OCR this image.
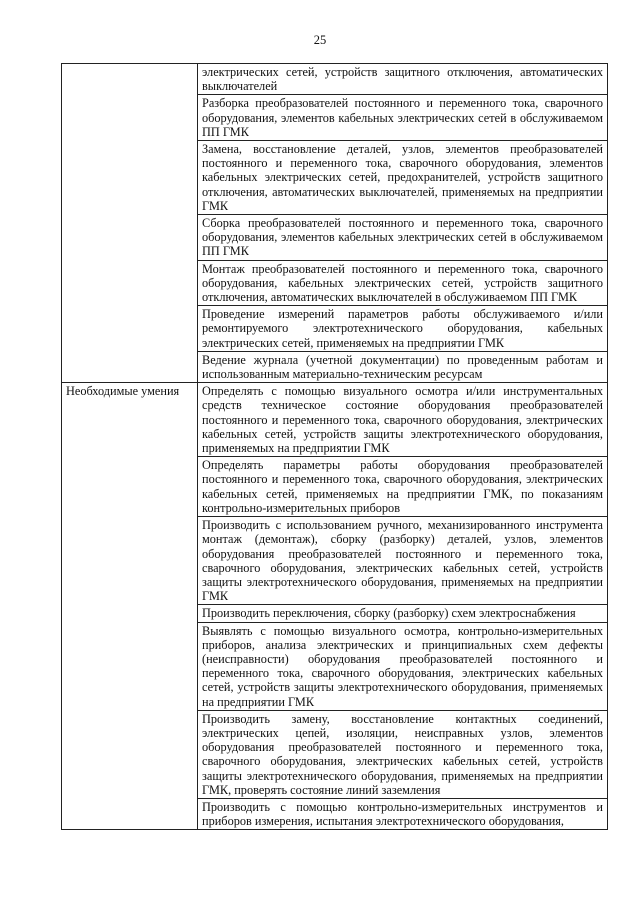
25
	электрических сетей, устройств защитного отключения, автоматических выключателей
	Разборка преобразователей постоянного и переменного тока, сварочного оборудования, элементов кабельных электрических сетей в обслуживаемом ПП ГМК
	Замена, восстановление деталей, узлов, элементов преобразователей постоянного и переменного тока, сварочного оборудования, элементов кабельных электрических сетей, предохранителей, устройств защитного отключения, автоматических выключателей, применяемых на предприятии ГМК
	Сборка преобразователей постоянного и переменного тока, сварочного оборудования, элементов кабельных электрических сетей в обслуживаемом ПП ГМК
	Монтаж преобразователей постоянного и переменного тока, сварочного оборудования, кабельных электрических сетей, устройств защитного отключения, автоматических выключателей в обслуживаемом ПП ГМК
	Проведение измерений параметров работы обслуживаемого и/или ремонтируемого электротехнического оборудования, кабельных электрических сетей, применяемых на предприятии ГМК
	Ведение журнала (учетной документации) по проведенным работам и использованным материально-техническим ресурсам
Необходимые умения	Определять с помощью визуального осмотра и/или инструментальных средств техническое состояние оборудования преобразователей постоянного и переменного тока, сварочного оборудования, электрических кабельных сетей, устройств защиты электротехнического оборудования, применяемых на предприятии ГМК
	Определять параметры работы оборудования преобразователей постоянного и переменного тока, сварочного оборудования, электрических кабельных сетей, применяемых на предприятии ГМК, по показаниям контрольно-измерительных приборов
	Производить с использованием ручного, механизированного инструмента монтаж (демонтаж), сборку (разборку) деталей, узлов, элементов оборудования преобразователей постоянного и переменного тока, сварочного оборудования, электрических кабельных сетей, устройств защиты электротехнического оборудования, применяемых на предприятии ГМК
	Производить переключения, сборку (разборку) схем электроснабжения
	Выявлять с помощью визуального осмотра, контрольно-измерительных приборов, анализа электрических и принципиальных схем дефекты (неисправности) оборудования преобразователей постоянного и переменного тока, сварочного оборудования, электрических кабельных сетей, устройств защиты электротехнического оборудования, применяемых на предприятии ГМК
	Производить замену, восстановление контактных соединений, электрических цепей, изоляции, неисправных узлов, элементов оборудования преобразователей постоянного и переменного тока, сварочного оборудования, электрических кабельных сетей, устройств защиты электротехнического оборудования, применяемых на предприятии ГМК, проверять состояние линий заземления
	Производить с помощью контрольно-измерительных инструментов и приборов измерения, испытания электротехнического оборудования,
